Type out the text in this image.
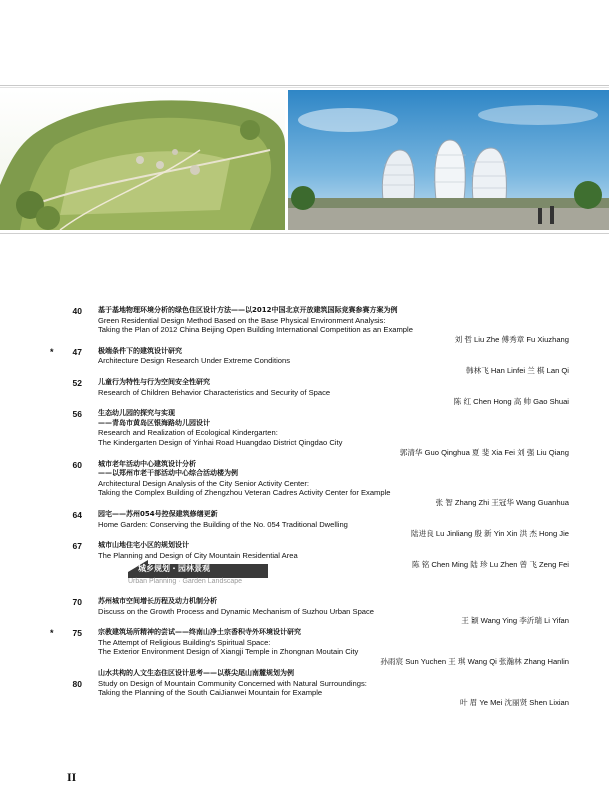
40 基于基地物理环境分析的绿色住区设计方法——以2012中国北京开放建筑国际竞赛参赛方案为例
Green Residential Design Method Based on the Base Physical Environment Analysis:
Taking the Plan of 2012 China Beijing Open Building International Competition as an Example
刘 哲 Liu Zhe 傅秀章 Fu Xiuzhang
*	47 极端条件下的建筑设计研究
Architecture Design Research Under Extreme Conditions
韩林飞 Han Linfei 兰 棋 Lan Qi
52 儿童行为特性与行为空间安全性研究
Research of Children Behavior Characteristics and Security of Space
陈 红 Chen Hong 高 帅 Gao Shuai
56 生态幼儿园的探究与实现
——青岛市黄岛区银海路幼儿园设计
Research and Realization of Ecological Kindergarten:
The Kindergarten Design of Yinhai Road Huangdao District Qingdao City
郭清华 Guo Qinghua 夏 斐 Xia Fei 刘 强 Liu Qiang
60 城市老年活动中心建筑设计分析
——以郑州市老干部活动中心综合活动楼为例
Architectural Design Analysis of the City Senior Activity Center:
Taking the Complex Building of Zhengzhou Veteran Cadres Activity Center for Example
张 智 Zhang Zhi 王冠华 Wang Guanhua
64 园宅——苏州054号控保建筑修缮更新
Home Garden: Conserving the Building of the No. 054 Traditional Dwelling
陆进良 Lu Jinliang 殷 新 Yin Xin 洪 杰 Hong Jie
67 城市山地住宅小区的规划设计
The Planning and Design of City Mountain Residential Area
陈 铭 Chen Ming 陆 珍 Lu Zhen 曾 飞 Zeng Fei
城乡规划・园林景观
Urban Planning · Garden Landscape
70 苏州城市空间增长历程及动力机制分析
Discuss on the Growth Process and Dynamic Mechanism of Suzhou Urban Space
王 颖 Wang Ying 李沂瑞 Li Yifan
*	75 宗教建筑场所精神的尝试——终南山净土宗香积寺外环境设计研究
The Attempt of Religious Building's Spiritual Space:
The Exterior Environment Design of Xiangji Temple in Zhongnan Moutain City
孙雨宸 Sun Yuchen 王 琪 Wang Qi 张瀚林 Zhang Hanlin
山水共构的人文生态住区设计思考——以蔡尖尾山南麓规划为例
80 Study on Design of Mountain Community Concerned with Natural Surroundings:
Taking the Planning of the South CaiJianwei Mountain for Example
叶 眉 Ye Mei 沈丽贤 Shen Lixian
II
